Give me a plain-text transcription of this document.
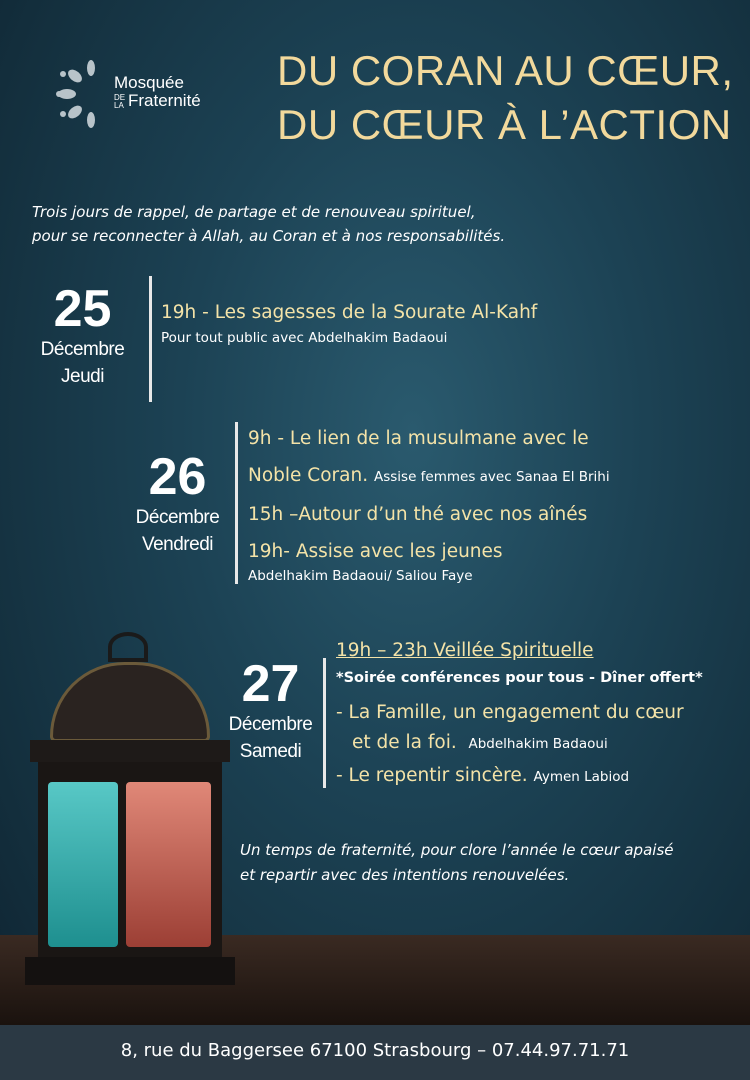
Mosquée
DE
LA Fraternité
DU CORAN AU CŒUR,
DU CŒUR À L’ACTION
Trois jours de rappel, de partage et de renouveau spirituel,
pour se reconnecter à Allah, au Coran et à nos responsabilités.
25
Décembre
Jeudi
19h - Les sagesses de la Sourate Al-Kahf
Pour tout public avec Abdelhakim Badaoui
26
Décembre
Vendredi
9h - Le lien de la musulmane avec le
Noble Coran. Assise femmes avec Sanaa El Brihi
15h –Autour d’un thé avec nos aînés
19h- Assise avec les jeunes
Abdelhakim Badaoui/ Saliou Faye
27
Décembre
Samedi
19h – 23h Veillée Spirituelle
*Soirée conférences pour tous - Dîner offert*
- La Famille, un engagement du cœur
et de la foi. Abdelhakim Badaoui
- Le repentir sincère. Aymen Labiod
Un temps de fraternité, pour clore l’année le cœur apaisé
et repartir avec des intentions renouvelées.
8, rue du Baggersee 67100 Strasbourg – 07.44.97.71.71
